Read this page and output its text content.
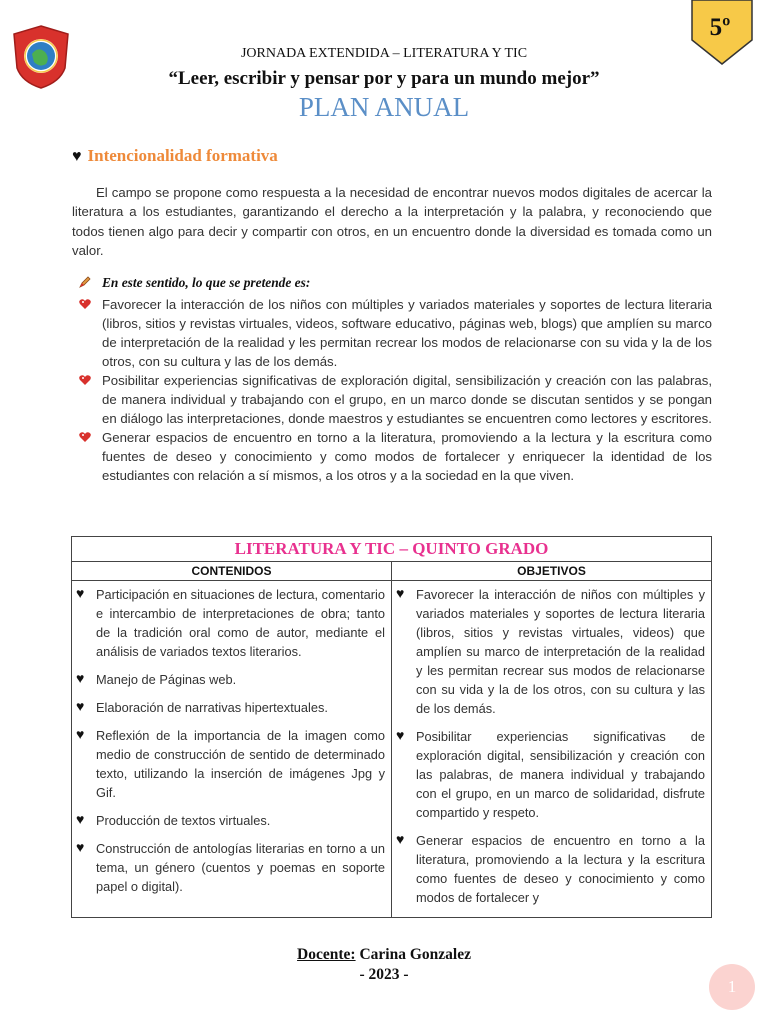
5º
JORNADA EXTENDIDA – LITERATURA Y TIC
“Leer, escribir y pensar por y para un mundo mejor”
PLAN ANUAL
♥ Intencionalidad formativa

El campo se propone como respuesta a la necesidad de encontrar nuevos modos digitales de acercar la literatura a los estudiantes, garantizando el derecho a la interpretación y la palabra, y reconociendo que todos tienen algo para decir y compartir con otros, en un encuentro donde la diversidad es tomada como un valor.

En este sentido, lo que se pretende es:
Favorecer la interacción de los niños con múltiples y variados materiales y soportes de lectura literaria (libros, sitios y revistas virtuales, videos, software educativo, páginas web, blogs) que amplíen su marco de interpretación de la realidad y les permitan recrear los modos de relacionarse con su vida y la de los otros, con su cultura y las de los demás.
Posibilitar experiencias significativas de exploración digital, sensibilización y creación con las palabras, de manera individual y trabajando con el grupo, en un marco donde se discutan sentidos y se pongan en diálogo las interpretaciones, donde maestros y estudiantes se encuentren como lectores y escritores.
Generar espacios de encuentro en torno a la literatura, promoviendo a la lectura y la escritura como fuentes de deseo y conocimiento y como modos de fortalecer y enriquecer la identidad de los estudiantes con relación a sí mismos, a los otros y a la sociedad en la que viven.
LITERATURA Y TIC – QUINTO GRADO
CONTENIDOS	OBJETIVOS
♥ Participación en situaciones de lectura, comentario e intercambio de interpretaciones de obra; tanto de la tradición oral como de autor, mediante el análisis de variados textos literarios.
♥ Manejo de Páginas web.
♥ Elaboración de narrativas hipertextuales.
♥ Reflexión de la importancia de la imagen como medio de construcción de sentido de determinado texto, utilizando la inserción de imágenes Jpg y Gif.
♥ Producción de textos virtuales.
♥ Construcción de antologías literarias en torno a un tema, un género (cuentos y poemas en soporte papel o digital).
♥ Favorecer la interacción de niños con múltiples y variados materiales y soportes de lectura literaria (libros, sitios y revistas virtuales, videos) que amplíen su marco de interpretación de la realidad y les permitan recrear sus modos de relacionarse con su vida y la de los otros, con su cultura y las de los demás.
♥ Posibilitar experiencias significativas de exploración digital, sensibilización y creación con las palabras, de manera individual y trabajando con el grupo, en un marco de solidaridad, disfrute compartido y respeto.
♥ Generar espacios de encuentro en torno a la literatura, promoviendo a la lectura y la escritura como fuentes de deseo y conocimiento y como modos de fortalecer y
Docente: Carina Gonzalez
- 2023 -
1
